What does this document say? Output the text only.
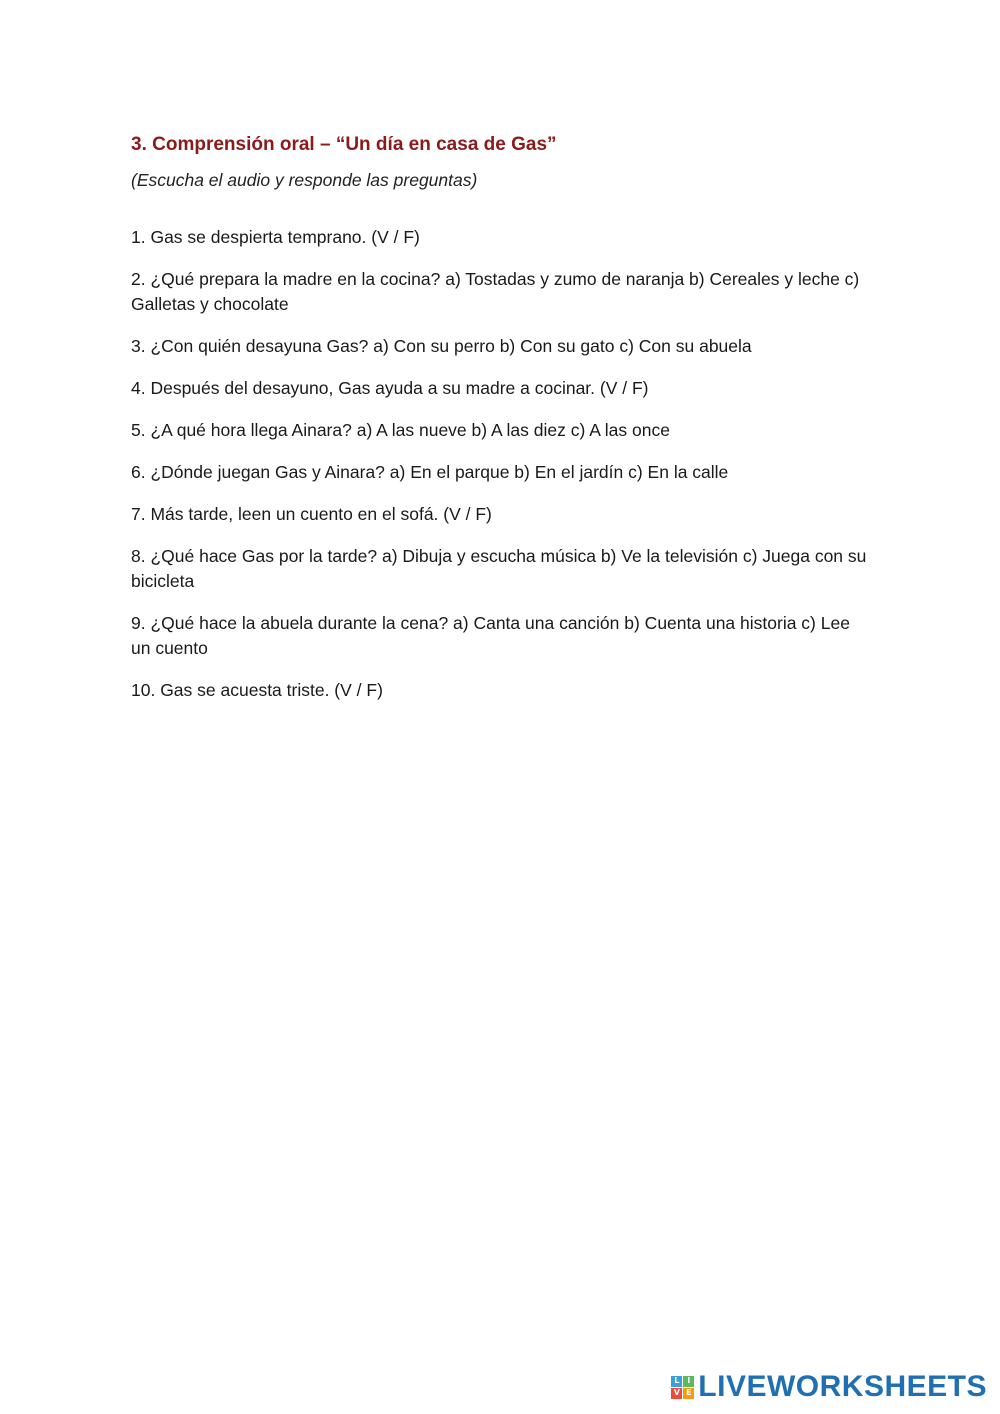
3. Comprensión oral – “Un día en casa de Gas”

(Escucha el audio y responde las preguntas)

1. Gas se despierta temprano. (V / F)

2. ¿Qué prepara la madre en la cocina? a) Tostadas y zumo de naranja b) Cereales y leche c) Galletas y chocolate

3. ¿Con quién desayuna Gas? a) Con su perro b) Con su gato c) Con su abuela

4. Después del desayuno, Gas ayuda a su madre a cocinar. (V / F)

5. ¿A qué hora llega Ainara? a) A las nueve b) A las diez c) A las once

6. ¿Dónde juegan Gas y Ainara? a) En el parque b) En el jardín c) En la calle

7. Más tarde, leen un cuento en el sofá. (V / F)

8. ¿Qué hace Gas por la tarde? a) Dibuja y escucha música b) Ve la televisión c) Juega con su bicicleta

9. ¿Qué hace la abuela durante la cena? a) Canta una canción b) Cuenta una historia c) Lee un cuento

10. Gas se acuesta triste. (V / F)

L I
V E LIVEWORKSHEETS
